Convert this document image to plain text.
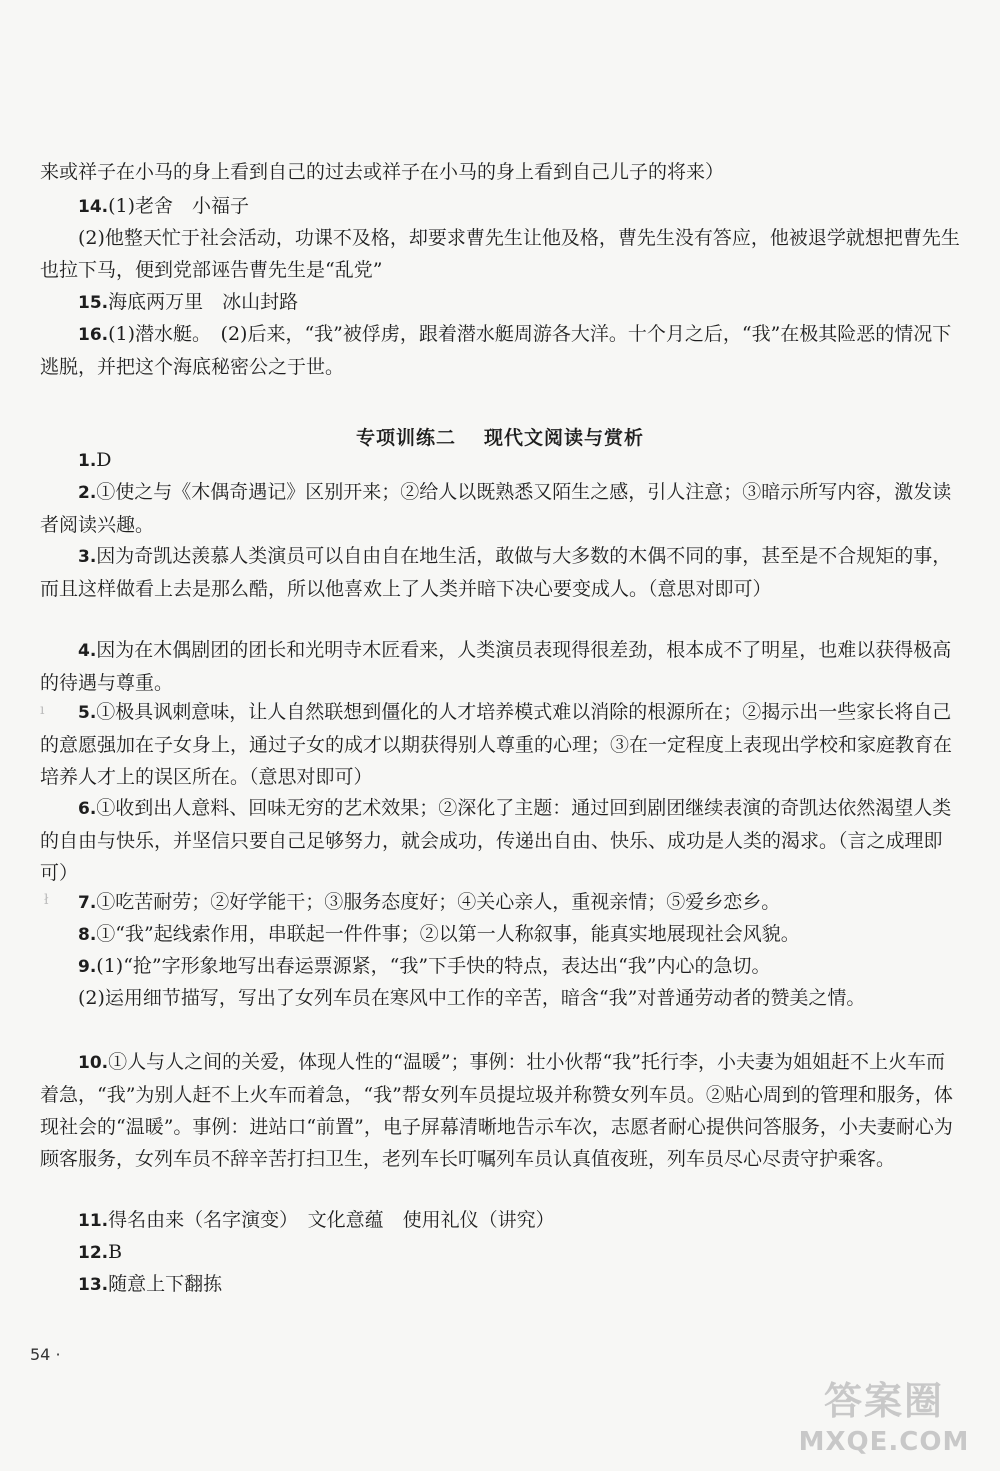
来或祥子在小马的身上看到自己的过去或祥子在小马的身上看到自己儿子的将来）

14.(1)老舍　小福子

(2)他整天忙于社会活动，功课不及格，却要求曹先生让他及格，曹先生没有答应，他被退学就想把曹先生也拉下马，便到党部诬告曹先生是“乱党”

15.海底两万里　冰山封路

16.(1)潜水艇。　(2)后来，“我”被俘虏，跟着潜水艇周游各大洋。十个月之后，“我”在极其险恶的情况下逃脱，并把这个海底秘密公之于世。

专项训练二 现代文阅读与赏析

1.D

2.①使之与《木偶奇遇记》区别开来；②给人以既熟悉又陌生之感，引人注意；③暗示所写内容，激发读者阅读兴趣。

3.因为奇凯达羡慕人类演员可以自由自在地生活，敢做与大多数的木偶不同的事，甚至是不合规矩的事，而且这样做看上去是那么酷，所以他喜欢上了人类并暗下决心要变成人。（意思对即可）

4.因为在木偶剧团的团长和光明寺木匠看来，人类演员表现得很差劲，根本成不了明星，也难以获得极高的待遇与尊重。

ı	5.①极具讽刺意味，让人自然联想到僵化的人才培养模式难以消除的根源所在；②揭示出一些家长将自己的意愿强加在子女身上，通过子女的成才以期获得别人尊重的心理；③在一定程度上表现出学校和家庭教育在培养人才上的误区所在。（意思对即可）

6.①收到出人意料、回味无穷的艺术效果；②深化了主题：通过回到剧团继续表演的奇凯达依然渴望人类的自由与快乐，并坚信只要自己足够努力，就会成功，传递出自由、快乐、成功是人类的渴求。（言之成理即可）

ł	7.①吃苦耐劳；②好学能干；③服务态度好；④关心亲人，重视亲情；⑤爱乡恋乡。

8.①“我”起线索作用，串联起一件件事；②以第一人称叙事，能真实地展现社会风貌。

9.(1)“抢”字形象地写出春运票源紧，“我”下手快的特点，表达出“我”内心的急切。

(2)运用细节描写，写出了女列车员在寒风中工作的辛苦，暗含“我”对普通劳动者的赞美之情。

10.①人与人之间的关爱，体现人性的“温暖”；事例：壮小伙帮“我”托行李，小夫妻为姐姐赶不上火车而着急，“我”为别人赶不上火车而着急，“我”帮女列车员提垃圾并称赞女列车员。②贴心周到的管理和服务，体现社会的“温暖”。事例：进站口“前置”，电子屏幕清晰地告示车次，志愿者耐心提供问答服务，小夫妻耐心为顾客服务，女列车员不辞辛苦打扫卫生，老列车长叮嘱列车员认真值夜班，列车员尽心尽责守护乘客。

11.得名由来（名字演变）　文化意蕴　使用礼仪（讲究）

12.B

13.随意上下翻拣

54 ·
答案圈
MXQE.COM
